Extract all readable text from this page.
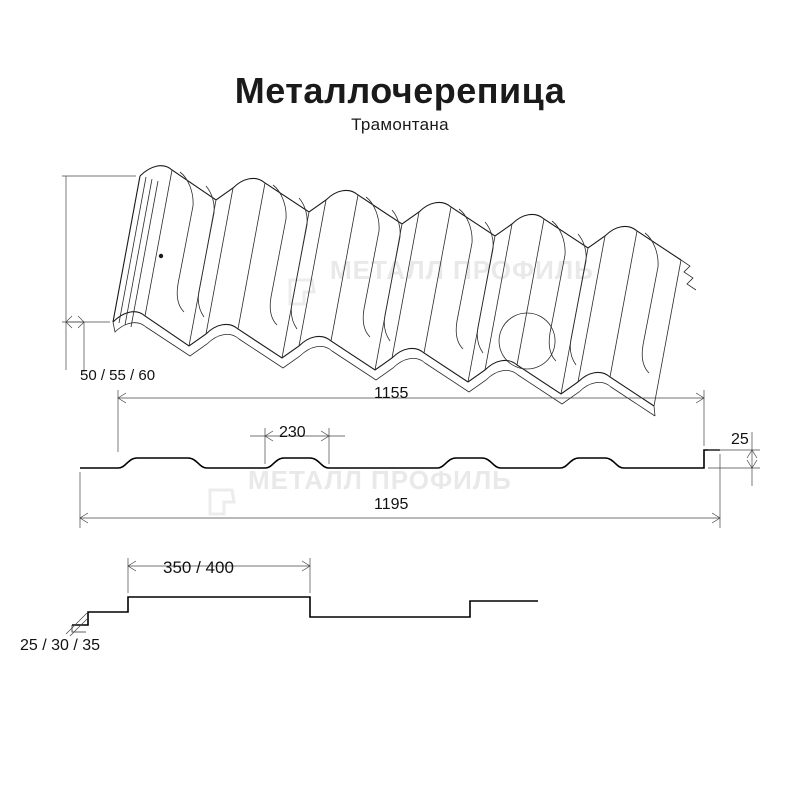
Металлочерепица
Трамонтана
МЕТАЛЛ ПРОФИЛЬ
МЕТАЛЛ ПРОФИЛЬ
50 / 55 / 60
1155
230
1195
25
350 / 400
25 / 30 / 35
